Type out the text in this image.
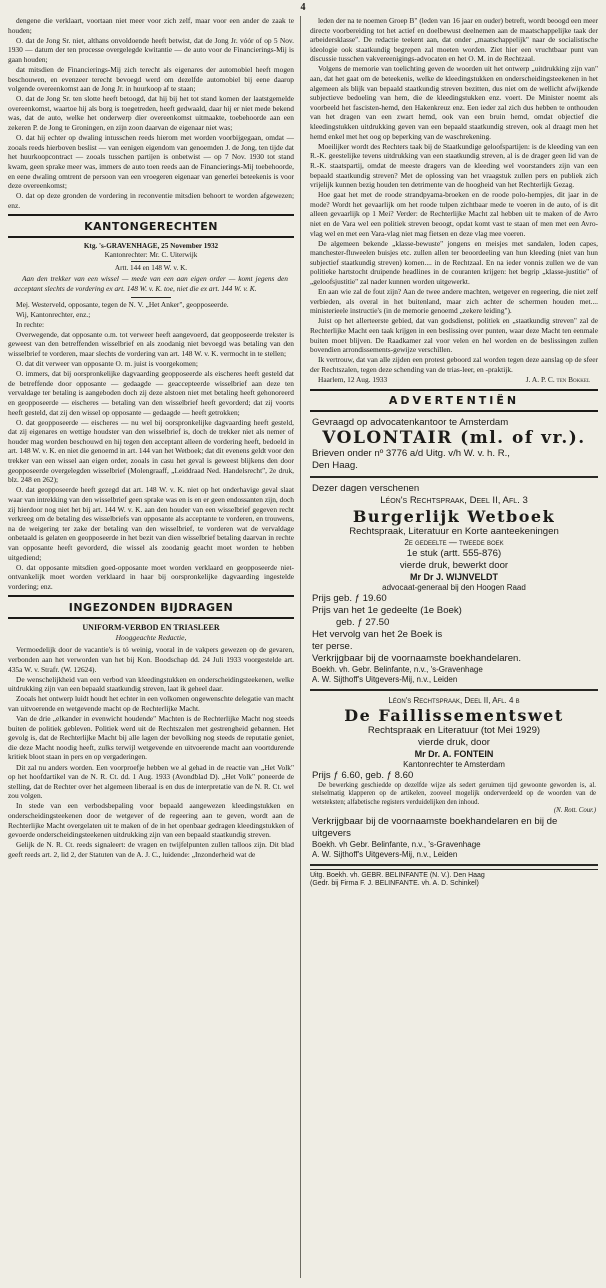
4

dengene die verklaart, voortaan niet meer voor zich zelf, maar voor een ander de zaak te houden;

O. dat de Jong Sr. niet, althans onvoldoende heeft betwist, dat de Jong Jr. vóór of op 5 Nov. 1930 — datum der ten processe overgelegde kwitantie — de auto voor de Financierings-Mij is gaan houden;

dat mitsdien de Financierings-Mij zich terecht als eigenares der automobiel heeft mogen beschouwen, en evenzeer terecht bevoegd werd om dezelfde automobiel bij eene daarop volgende overeenkomst aan de Jong Jr. in huurkoop af te staan;

O. dat de Jong Sr. ten slotte heeft betoogd, dat hij bij het tot stand komen der laatstgemelde overeenkomst, waartoe hij als borg is toegetreden, heeft gedwaald, daar hij er niet mede bekend was, dat de auto, welke het onderwerp dier overeenkomst uitmaakte, toebehoorde aan een zekeren P. de Jong te Groningen, en zijn zoon daarvan de eigenaar niet was;

O. dat hij echter op dwaling intusschen reeds hierom met worden voorbijgegaan, omdat — zooals reeds hierboven beslist — van eenigen eigendom van genoemden J. de Jong, ten tijde dat het huurkoopcontract — zooals tusschen partijen is onbetwist — op 7 Nov. 1930 tot stand kwam, geen sprake meer was, immers de auto toen reeds aan de Financierings-Mij toebehoorde, en eene dwaling omtrent de persoon van een vroegeren eigenaar van generlei beteekenis is voor deze overeenkomst;

O. dat op deze gronden de vordering in reconventie mitsdien behoort te worden afgewezen; enz.

KANTONGERECHTEN
Ktg. 's-GRAVENHAGE, 25 November 1932
Kantonrechter: Mr. C. Uiterwijk
Artt. 144 en 148 W. v. K.

Aan den trekker van een wissel — mede van een aan eigen order — komt jegens den acceptant slechts de vordering ex art. 148 W. v. K. toe, niet die ex art. 144 W. v. K.

Mej. Westerveld, opposante, tegen de N. V. „Het Anker", geopposeerde.

Wij, Kantonrechter, enz.;

In rechte:

Overwegende, dat opposante o.m. tot verweer heeft aangevoerd, dat geopposeerde trekster is geweest van den betreffenden wisselbrief en als zoodanig niet bevoegd was betaling van den wisselbrief te vorderen, maar slechts de vordering van art. 148 W. v. K. vermocht in te stellen;

O. dat dit verweer van opposante O. m. juist is voorgekomen;

O. immers, dat bij oorspronkelijke dagvaarding geopposeerde als eischeres heeft gesteld dat de betreffende door opposante — gedaagde — geaccepteerde wisselbrief aan deze ten vervaldage ter betaling is aangeboden doch zij deze alstoen niet met betaling heeft gehonoreerd en geopposeerde — eischeres — betaling van den wisselbrief heeft gevorderd; dat zij voorts heeft gesteld, dat zij den wissel op opposante — gedaagde — heeft getrokken;

O. dat geopposeerde — eischeres — nu wel bij oorspronkelijke dagvaarding heeft gesteld, dat zij eigenares en wettige houdster van den wisselbrief is, doch de trekker niet als nemer of houder mag worden beschouwd en hij tegen den acceptant alleen de vordering heeft, bedoeld in art. 148 W. v. K. en niet die genoemd in art. 144 van het Wetboek; dat dit evenens geldt voor den trekker van een wissel aan eigen order, zooals in casu het geval is geweest blijkens den door geopposeerde overgelegden wisselbrief (Molengraaff, „Leiddraad Ned. Handelsrecht", 2e druk, blz. 248 en 262);

O. dat geopposeerde heeft gezegd dat art. 148 W. v. K. niet op het onderhavige geval slaat waar van intrekking van den wisselbrief geen sprake was en is en er geen endossanten zijn, doch zij hierdoor nog niet het bij art. 144 W. v. K. aan den houder van een wisselbrief gegeven recht verkreeg om de betaling des wisselbriefs van opposante als acceptante te vorderen, en trouwens, na de weigering ter zake der betaling van den wisselbrief, te vorderen wat de vervaldage onbetaald is gelaten en geopposeerde in het bezit van dien wisselbrief betaling daarvan in rechte van opposante heeft gevorderd, die wissel als zoodanig geacht moet worden te hebben uitgediend;

O. dat opposante mitsdien goed-opposante moet worden verklaard en geopposeerde niet-ontvankelijk moet worden verklaard in haar bij oorspronkelijke dagvaarding ingestelde vordering; enz.

INGEZONDEN BIJDRAGEN
UNIFORM-VERBOD EN TRIASLEER
Hooggeachte Redactie,

Vermoedelijk door de vacantie's is tó weinig, vooral in de vakpers gewezen op de gevaren, verbonden aan het verworden van het bij Kon. Boodschap dd. 24 Juli 1933 voorgestelde art. 435a W. v. Strafr. (W. 12624).

De wenschelijkheid van een verbod van kleedingstukken en onderscheidingsteekenen, welke uitdrukking zijn van een bepaald staatkundig streven, laat ik geheel daar.

Zooals het ontwerp luidt houdt het echter in een volkomen ongewenschte delegatie van macht van uitvoerende en wetgevende macht op de Rechterlijke Macht.

Van de drie „elkander in evenwicht houdende" Machten is de Rechterlijke Macht nog steeds buiten de politiek gebleven. Politiek werd uit de Rechtszalen met gestrengheid gebannen. Het gevolg is, dat de Rechterlijke Macht bij alle lagen der bevolking nog steeds de reputatie geniet, die deze Macht noodig heeft, zulks terwijl wetgevende en uitvoerende macht aan voortdurende kritiek bloot staan in pers en op vergaderingen.

Dit zal nu anders worden. Een voorproefje hebben we al gehad in de reactie van „Het Volk" op het hoofdartikel van de N. R. Ct. dd. 1 Aug. 1933 (Avondblad D). „Het Volk" poneerde de stelling, dat de Rechter over het algemeen liberaal is en dus de interpretatie van de N. R. Ct. wel zou volgen.

In stede van een verbodsbepaling voor bepaald aangewezen kleedingstukken en onderscheidingsteekenen door de wetgever of de regeering aan te geven, wordt aan de Rechterlijke Macht overgelaten uit te maken of de in het openbaar gedragen kleedingstukken of gevoerde onderscheidingsteekenen uitdrukking zijn van een bepaald staatkundig streven.

Gelijk de N. R. Ct. reeds signaleert: de vragen en twijfelpunten zullen talloos zijn. Dit blad geeft reeds art. 2, lid 2, der Statuten van de A. J. C., luidende: „Inzonderheid wat de

leden der na te noemen Groep B" (leden van 16 jaar en ouder) betreft, wordt beoogd een meer directe voorbereiding tot het actief en doelbewust deelnemen aan de maatschappelijke taak der arbeidersklasse". De redactie teekent aan, dat onder „maatschappelijk" naar de socialistische ideologie ook staatkundig begrepen zal moeten worden. Ziet hier een vruchtbaar punt van discussie tusschen vakvereenigings-advocaten en het O. M. in de Rechtzaal.

Volgens de memorie van toelichting geven de woorden uit het ontwerp „uitdrukking zijn van" aan, dat het gaat om de beteekenis, welke de kleedingstukken en onderscheidingsteekenen in het algemeen als blijk van bepaald staatkundig streven bezitten, dus niet om de wellicht afwijkende subjectieve bedoeling van hem, die de kleedingstukken enz. voert. De Minister noemt als voorbeeld het fascisten-hemd, den Hakenkreuz enz. Een ieder zal zich dus hebben te onthouden van het dragen van een zwart hemd, ook van een bruin hemd, omdat objectief die kleedingstukken uitdrukking geven van een bepaald staatkundig streven, ook al draagt men het hemd enkel met het oog op beperking van de waschrekening.

Moeilijker wordt des Rechters taak bij de Staatkundige geloofspartijen: is de kleeding van een R.-K. geestelijke tevens uitdrukking van een staatkundig streven, al is de drager geen lid van de R.-K. staatspartij, omdat de meeste dragers van de kleeding wel voorstanders zijn van een bepaald staatkundig streven? Met de oplossing van het vraagstuk zullen pers en publiek zich vrijelijk kunnen bezig houden ten detrimente van de hoogheid van het Rechterlijk Gezag.

Hoe gaat het met de roode strandpyama-broeken en de roode polo-hempjes, dit jaar in de mode? Wordt het gevaarlijk om het roode tulpen zichtbaar mede te voeren in de auto, of is dit alleen gevaarlijk op 1 Mei? Verder: de Rechterlijke Macht zal hebben uit te maken of de Avro niet en de Vara wel een politiek streven beoogt, opdat komt vast te staan of men met een Avro-vlag wel en met een Vara-vlag niet mag fietsen en deze vlag mee voeren.

De algemeen bekende „klasse-bewuste" jongens en meisjes met sandalen, loden capes, manchester-fluweelen buisjes etc. zullen allen ter beoordeeling van hun kleeding (niet van hun subjectief staatkundig streven) komen.... in de Rechtzaal. En na ieder vonnis zullen we de van politieke hartstocht druipende headlines in de couranten krijgen: het begrip „klasse-justitie" of „geloofsjustitie" zal nader kunnen worden uitgewerkt.

En aan wie zal de fout zijn? Aan de twee andere machten, wetgever en regeering, die niet zelf verbieden, als overal in het buitenland, maar zich achter de schermen houden met.... ministerieele instructie's (in de memorie genoemd „zekere leiding").

Juist op het allerteerste gebied, dat van godsdienst, politiek en „staatkundig streven" zal de Rechterlijke Macht een taak krijgen in een beslissing over punten, waar deze Macht ten eenmale buiten moet blijven. De Raadkamer zal voor velen en hel worden en de beslissingen zullen bovendien arrondissements-gewijze verschillen.

Ik vertrouw, dat van alle zijden een protest geboord zal worden tegen deze aanslag op de sfeer der Rechtszalen, tegen deze schending van de trias-leer, en -praktijk.

Haarlem, 12 Aug. 1933	J. A. P. C. ten Bokkel
ADVERTENTIËN
Gevraagd op advocatenkantoor te Amsterdam
VOLONTAIR (ml. of vr.).
Brieven onder nº 3776 a/d Uitg. v/h W. v. h. R.,
Den Haag.
Dezer dagen verschenen
Léon's Rechtspraak, Deel II, Afl. 3
Burgerlijk Wetboek
Rechtspraak, Literatuur en Korte aanteekeningen
2e gedeelte — tweede boek
1e stuk (artt. 555-876)
vierde druk, bewerkt door
Mr Dr J. WIJNVELDT
advocaat-generaal bij den Hoogen Raad
Prijs geb. ƒ 19.60
Prijs van het 1e gedeelte (1e Boek)
geb. ƒ 27.50
Het vervolg van het 2e Boek is
ter perse.
Verkrijgbaar bij de voornaamste boekhandelaren.
Boekh. vh. Gebr. Belinfante, n.v., 's-Gravenhage
A. W. Sijthoff's Uitgevers-Mij, n.v., Leiden
Léon's Rechtspraak, Deel II, Afl. 4 b
De Faillissementswet
Rechtspraak en Literatuur (tot Mei 1929)
vierde druk, door
Mr Dr. A. FONTEIN
Kantonrechter te Amsterdam
Prijs ƒ 6.60, geb. ƒ 8.60

De bewerking geschiedde op dezelfde wijze als sedert geruimen tijd gewoonte geworden is, al. stelselmatig klapperen op de artikelen, zooveel mogelijk onderverdeeld op de woorden van de wetsteksten; alfabetische registers verduidelijken den inhoud.

(N. Rott. Cour.)
Verkrijgbaar bij de voornaamste boekhandelaren en bij de uitgevers
Boekh. vh Gebr. Belinfante, n.v., 's-Gravenhage
A. W. Sijthoff's Uitgevers-Mij, n.v., Leiden
Uitg. Boekh. vh. GEBR. BELINFANTE (N. V.). Den Haag
(Gedr. bij Firma F. J. BELINFANTE. vh. A. D. Schinkel)
